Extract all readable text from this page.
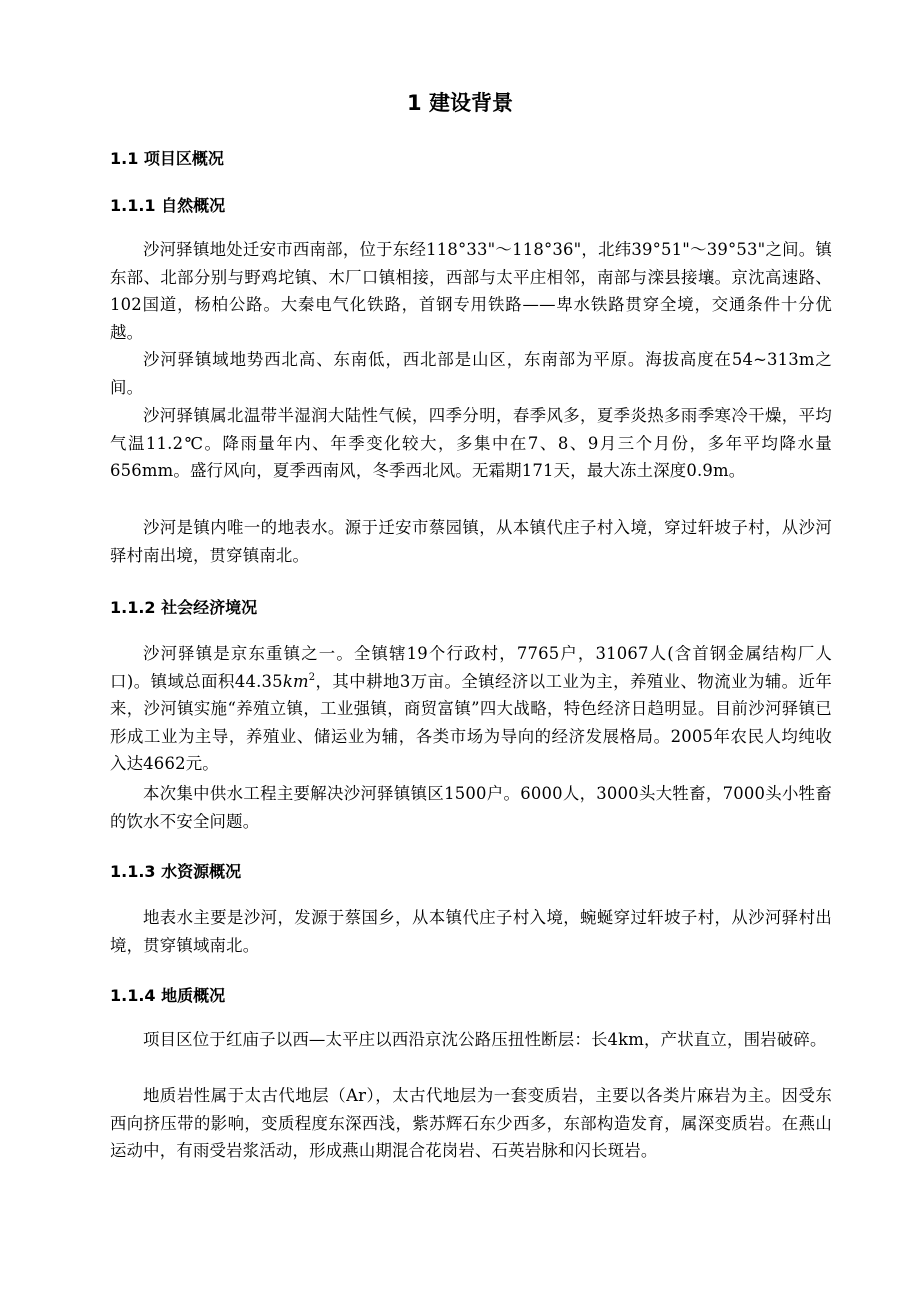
1 建设背景
1.1 项目区概况
1.1.1 自然概况

沙河驿镇地处迁安市西南部，位于东经118°33"～118°36"，北纬39°51"～39°53"之间。镇东部、北部分别与野鸡坨镇、木厂口镇相接，西部与太平庄相邻，南部与滦县接壤。京沈高速路、102国道，杨柏公路。大秦电气化铁路，首钢专用铁路——卑水铁路贯穿全境，交通条件十分优越。

沙河驿镇域地势西北高、东南低，西北部是山区，东南部为平原。海拔高度在54~313m之间。

沙河驿镇属北温带半湿润大陆性气候，四季分明，春季风多，夏季炎热多雨季寒冷干燥，平均气温11.2℃。降雨量年内、年季变化较大，多集中在7、8、9月三个月份，多年平均降水量656mm。盛行风向，夏季西南风，冬季西北风。无霜期171天，最大冻土深度0.9m。

沙河是镇内唯一的地表水。源于迁安市蔡园镇，从本镇代庄子村入境，穿过轩坡子村，从沙河驿村南出境，贯穿镇南北。

1.1.2 社会经济境况

沙河驿镇是京东重镇之一。全镇辖19个行政村，7765户，31067人(含首钢金属结构厂人口)。镇域总面积$44.35km^2$，其中耕地3万亩。全镇经济以工业为主，养殖业、物流业为辅。近年来，沙河镇实施“养殖立镇，工业强镇，商贸富镇”四大战略，特色经济日趋明显。目前沙河驿镇已形成工业为主导，养殖业、储运业为辅，各类市场为导向的经济发展格局。2005年农民人均纯收入达4662元。

本次集中供水工程主要解决沙河驿镇镇区1500户。6000人，3000头大牲畜，7000头小牲畜的饮水不安全问题。

1.1.3 水资源概况

地表水主要是沙河，发源于蔡国乡，从本镇代庄子村入境，蜿蜒穿过轩坡子村，从沙河驿村出境，贯穿镇域南北。

1.1.4 地质概况

项目区位于红庙子以西—太平庄以西沿京沈公路压扭性断层：长4km，产状直立，围岩破碎。

地质岩性属于太古代地层（Ar），太古代地层为一套变质岩，主要以各类片麻岩为主。因受东西向挤压带的影响，变质程度东深西浅，紫苏辉石东少西多，东部构造发育，属深变质岩。在燕山运动中，有雨受岩浆活动，形成燕山期混合花岗岩、石英岩脉和闪长斑岩。
